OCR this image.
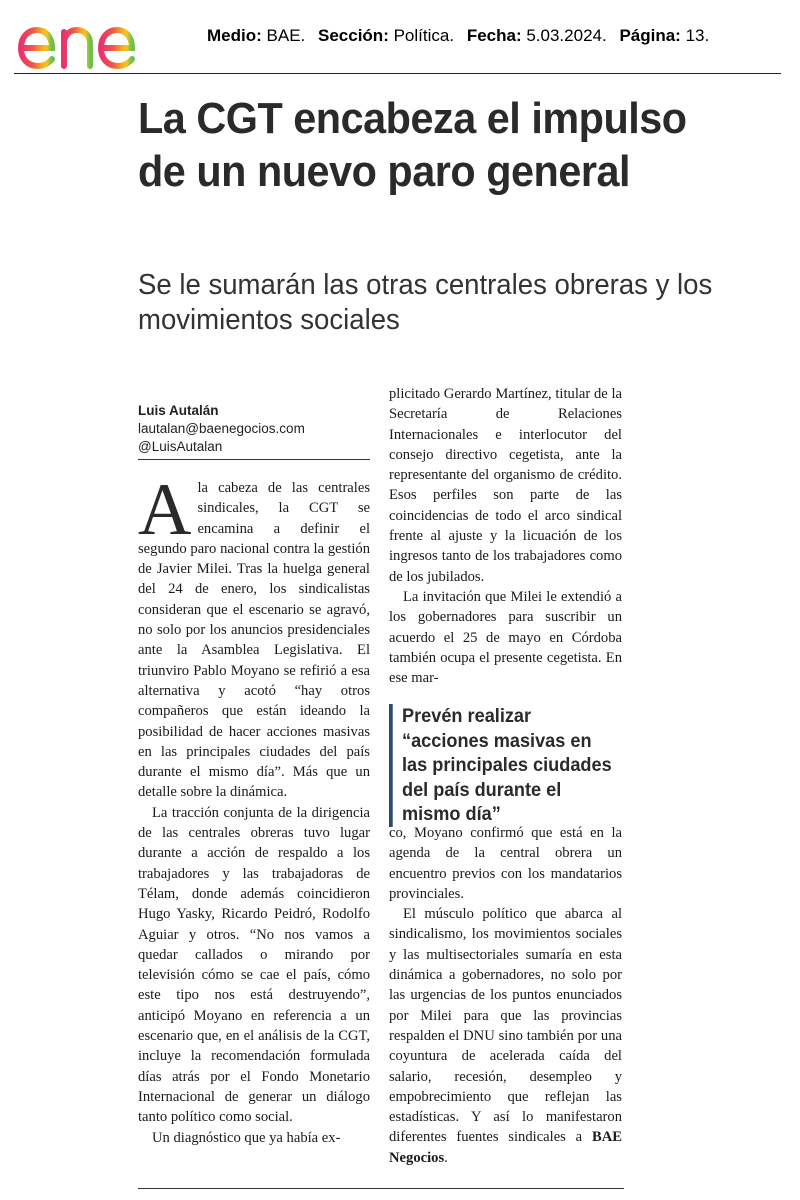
Medio: BAE. Sección: Política. Fecha: 5.03.2024. Página: 13.
La CGT encabeza el impulso de un nuevo paro general
Se le sumarán las otras centrales obreras y los movimientos sociales
Luis Autalán
lautalan@baenegocios.com
@LuisAutalan

Ala cabeza de las centrales sindicales, la CGT se encamina a definir el segundo paro nacional contra la gestión de Javier Milei. Tras la huelga general del 24 de enero, los sindicalistas consideran que el escenario se agravó, no solo por los anuncios presidenciales ante la Asamblea Legislativa. El triunviro Pablo Moyano se refirió a esa alternativa y acotó “hay otros compañeros que están ideando la posibilidad de hacer acciones masivas en las principales ciudades del país durante el mismo día”. Más que un detalle sobre la dinámica.

La tracción conjunta de la dirigencia de las centrales obreras tuvo lugar durante a acción de respaldo a los trabajadores y las trabajadoras de Télam, donde además coincidieron Hugo Yasky, Ricardo Peidró, Rodolfo Aguiar y otros. “No nos vamos a quedar callados o mirando por televisión cómo se cae el país, cómo este tipo nos está destruyendo”, anticipó Moyano en referencia a un escenario que, en el análisis de la CGT, incluye la recomendación formulada días atrás por el Fondo Monetario Internacional de generar un diálogo tanto político como social.

Un diagnóstico que ya había ex-

plicitado Gerardo Martínez, titular de la Secretaría de Relaciones Internacionales e interlocutor del consejo directivo cegetista, ante la representante del organismo de crédito. Esos perfiles son parte de las coincidencias de todo el arco sindical frente al ajuste y la licuación de los ingresos tanto de los trabajadores como de los jubilados.

La invitación que Milei le extendió a los gobernadores para suscribir un acuerdo el 25 de mayo en Córdoba también ocupa el presente cegetista. En ese mar-

Prevén realizar “acciones masivas en las principales ciudades del país durante el mismo día”

co, Moyano confirmó que está en la agenda de la central obrera un encuentro previos con los mandatarios provinciales.

El músculo político que abarca al sindicalismo, los movimientos sociales y las multisectoriales sumaría en esta dinámica a gobernadores, no solo por las urgencias de los puntos enunciados por Milei para que las provincias respalden el DNU sino también por una coyuntura de acelerada caída del salario, recesión, desempleo y empobrecimiento que reflejan las estadísticas. Y así lo manifestaron diferentes fuentes sindicales a BAE Negocios.
